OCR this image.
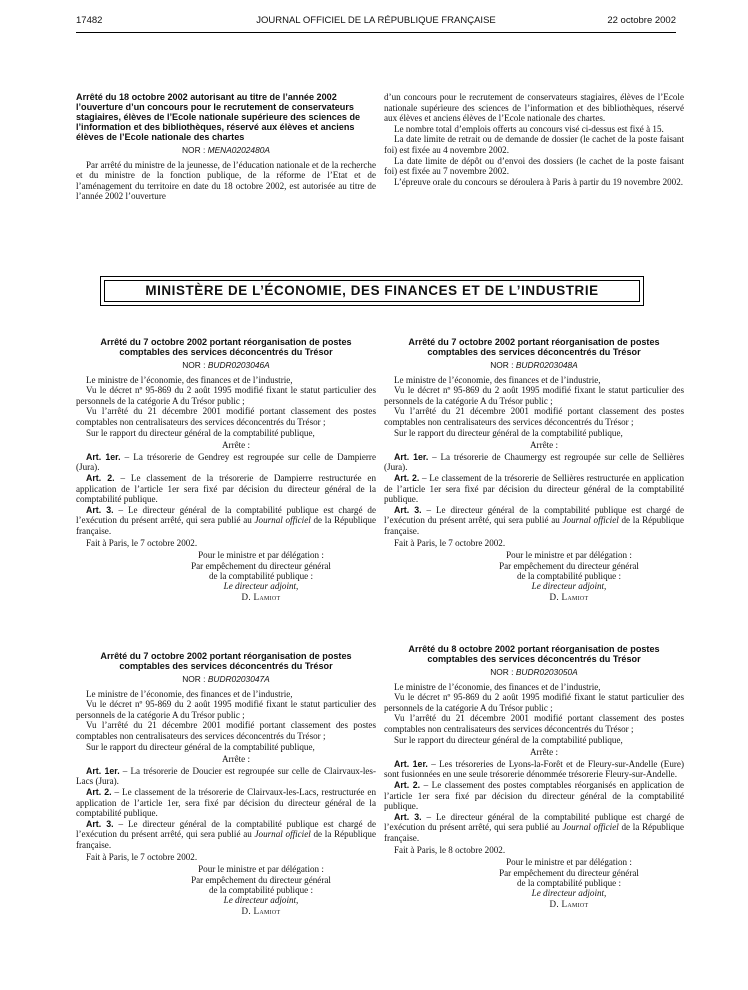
17482	JOURNAL OFFICIEL DE LA RÉPUBLIQUE FRANÇAISE	22 octobre 2002
Arrêté du 18 octobre 2002 autorisant au titre de l’année 2002 l’ouverture d’un concours pour le recrutement de conservateurs stagiaires, élèves de l’Ecole nationale supérieure des sciences de l’information et des bibliothèques, réservé aux élèves et anciens élèves de l’Ecole nationale des chartes
NOR : MENA0202480A

Par arrêté du ministre de la jeunesse, de l’éducation nationale et de la recherche et du ministre de la fonction publique, de la réforme de l’Etat et de l’aménagement du territoire en date du 18 octobre 2002, est autorisée au titre de l’année 2002 l’ouverture

d’un concours pour le recrutement de conservateurs stagiaires, élèves de l’Ecole nationale supérieure des sciences de l’information et des bibliothèques, réservé aux élèves et anciens élèves de l’Ecole nationale des chartes.

Le nombre total d’emplois offerts au concours visé ci-dessus est fixé à 15.

La date limite de retrait ou de demande de dossier (le cachet de la poste faisant foi) est fixée au 4 novembre 2002.

La date limite de dépôt ou d’envoi des dossiers (le cachet de la poste faisant foi) est fixée au 7 novembre 2002.

L’épreuve orale du concours se déroulera à Paris à partir du 19 novembre 2002.

MINISTÈRE DE L’ÉCONOMIE, DES FINANCES ET DE L’INDUSTRIE
Arrêté du 7 octobre 2002 portant réorganisation de postes comptables des services déconcentrés du Trésor
NOR : BUDR0203046A

Le ministre de l’économie, des finances et de l’industrie,

Vu le décret nº 95-869 du 2 août 1995 modifié fixant le statut particulier des personnels de la catégorie A du Trésor public ;

Vu l’arrêté du 21 décembre 2001 modifié portant classement des postes comptables non centralisateurs des services déconcentrés du Trésor ;

Sur le rapport du directeur général de la comptabilité publique,

Arrête :

Art. 1er. – La trésorerie de Gendrey est regroupée sur celle de Dampierre (Jura).

Art. 2. – Le classement de la trésorerie de Dampierre restructurée en application de l’article 1er sera fixé par décision du directeur général de la comptabilité publique.

Art. 3. – Le directeur général de la comptabilité publique est chargé de l’exécution du présent arrêté, qui sera publié au Journal officiel de la République française.

Fait à Paris, le 7 octobre 2002.
Pour le ministre et par délégation :
Par empêchement du directeur général
de la comptabilité publique :
Le directeur adjoint,
D. Lamiot
Arrêté du 7 octobre 2002 portant réorganisation de postes comptables des services déconcentrés du Trésor
NOR : BUDR0203047A

Le ministre de l’économie, des finances et de l’industrie,

Vu le décret nº 95-869 du 2 août 1995 modifié fixant le statut particulier des personnels de la catégorie A du Trésor public ;

Vu l’arrêté du 21 décembre 2001 modifié portant classement des postes comptables non centralisateurs des services déconcentrés du Trésor ;

Sur le rapport du directeur général de la comptabilité publique,

Arrête :

Art. 1er. – La trésorerie de Doucier est regroupée sur celle de Clairvaux-les-Lacs (Jura).

Art. 2. – Le classement de la trésorerie de Clairvaux-les-Lacs, restructurée en application de l’article 1er, sera fixé par décision du directeur général de la comptabilité publique.

Art. 3. – Le directeur général de la comptabilité publique est chargé de l’exécution du présent arrêté, qui sera publié au Journal officiel de la République française.

Fait à Paris, le 7 octobre 2002.
Pour le ministre et par délégation :
Par empêchement du directeur général
de la comptabilité publique :
Le directeur adjoint,
D. Lamiot
Arrêté du 7 octobre 2002 portant réorganisation de postes comptables des services déconcentrés du Trésor
NOR : BUDR0203048A

Le ministre de l’économie, des finances et de l’industrie,

Vu le décret nº 95-869 du 2 août 1995 modifié fixant le statut particulier des personnels de la catégorie A du Trésor public ;

Vu l’arrêté du 21 décembre 2001 modifié portant classement des postes comptables non centralisateurs des services déconcentrés du Trésor ;

Sur le rapport du directeur général de la comptabilité publique,

Arrête :

Art. 1er. – La trésorerie de Chaumergy est regroupée sur celle de Sellières (Jura).

Art. 2. – Le classement de la trésorerie de Sellières restructurée en application de l’article 1er sera fixé par décision du directeur général de la comptabilité publique.

Art. 3. – Le directeur général de la comptabilité publique est chargé de l’exécution du présent arrêté, qui sera publié au Journal officiel de la République française.

Fait à Paris, le 7 octobre 2002.
Pour le ministre et par délégation :
Par empêchement du directeur général
de la comptabilité publique :
Le directeur adjoint,
D. Lamiot
Arrêté du 8 octobre 2002 portant réorganisation de postes comptables des services déconcentrés du Trésor
NOR : BUDR0203050A

Le ministre de l’économie, des finances et de l’industrie,

Vu le décret nº 95-869 du 2 août 1995 modifié fixant le statut particulier des personnels de la catégorie A du Trésor public ;

Vu l’arrêté du 21 décembre 2001 modifié portant classement des postes comptables non centralisateurs des services déconcentrés du Trésor ;

Sur le rapport du directeur général de la comptabilité publique,

Arrête :

Art. 1er. – Les trésoreries de Lyons-la-Forêt et de Fleury-sur-Andelle (Eure) sont fusionnées en une seule trésorerie dénommée trésorerie Fleury-sur-Andelle.

Art. 2. – Le classement des postes comptables réorganisés en application de l’article 1er sera fixé par décision du directeur général de la comptabilité publique.

Art. 3. – Le directeur général de la comptabilité publique est chargé de l’exécution du présent arrêté, qui sera publié au Journal officiel de la République française.

Fait à Paris, le 8 octobre 2002.
Pour le ministre et par délégation :
Par empêchement du directeur général
de la comptabilité publique :
Le directeur adjoint,
D. Lamiot
